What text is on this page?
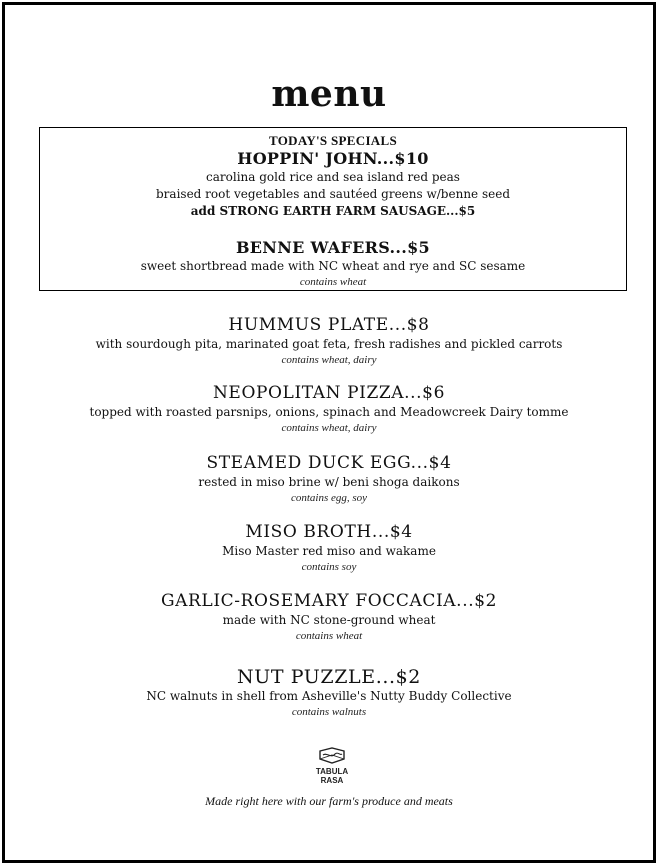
menu
TODAY'S SPECIALS
HOPPIN' JOHN...$10
carolina gold rice and sea island red peas
braised root vegetables and sautéed greens w/benne seed
add STRONG EARTH FARM SAUSAGE...$5
BENNE WAFERS...$5
sweet shortbread made with NC wheat and rye and SC sesame
contains wheat
HUMMUS PLATE...$8
with sourdough pita, marinated goat feta, fresh radishes and pickled carrots
contains wheat, dairy
NEOPOLITAN PIZZA...$6
topped with roasted parsnips, onions, spinach and Meadowcreek Dairy tomme
contains wheat, dairy
STEAMED DUCK EGG...$4
rested in miso brine w/ beni shoga daikons
contains egg, soy
MISO BROTH...$4
Miso Master red miso and wakame
contains soy
GARLIC-ROSEMARY FOCCACIA...$2
made with NC stone-ground wheat
contains wheat
NUT PUZZLE...$2
NC walnuts in shell from Asheville's Nutty Buddy Collective
contains walnuts
TABULA
RASA
Made right here with our farm's produce and meats
